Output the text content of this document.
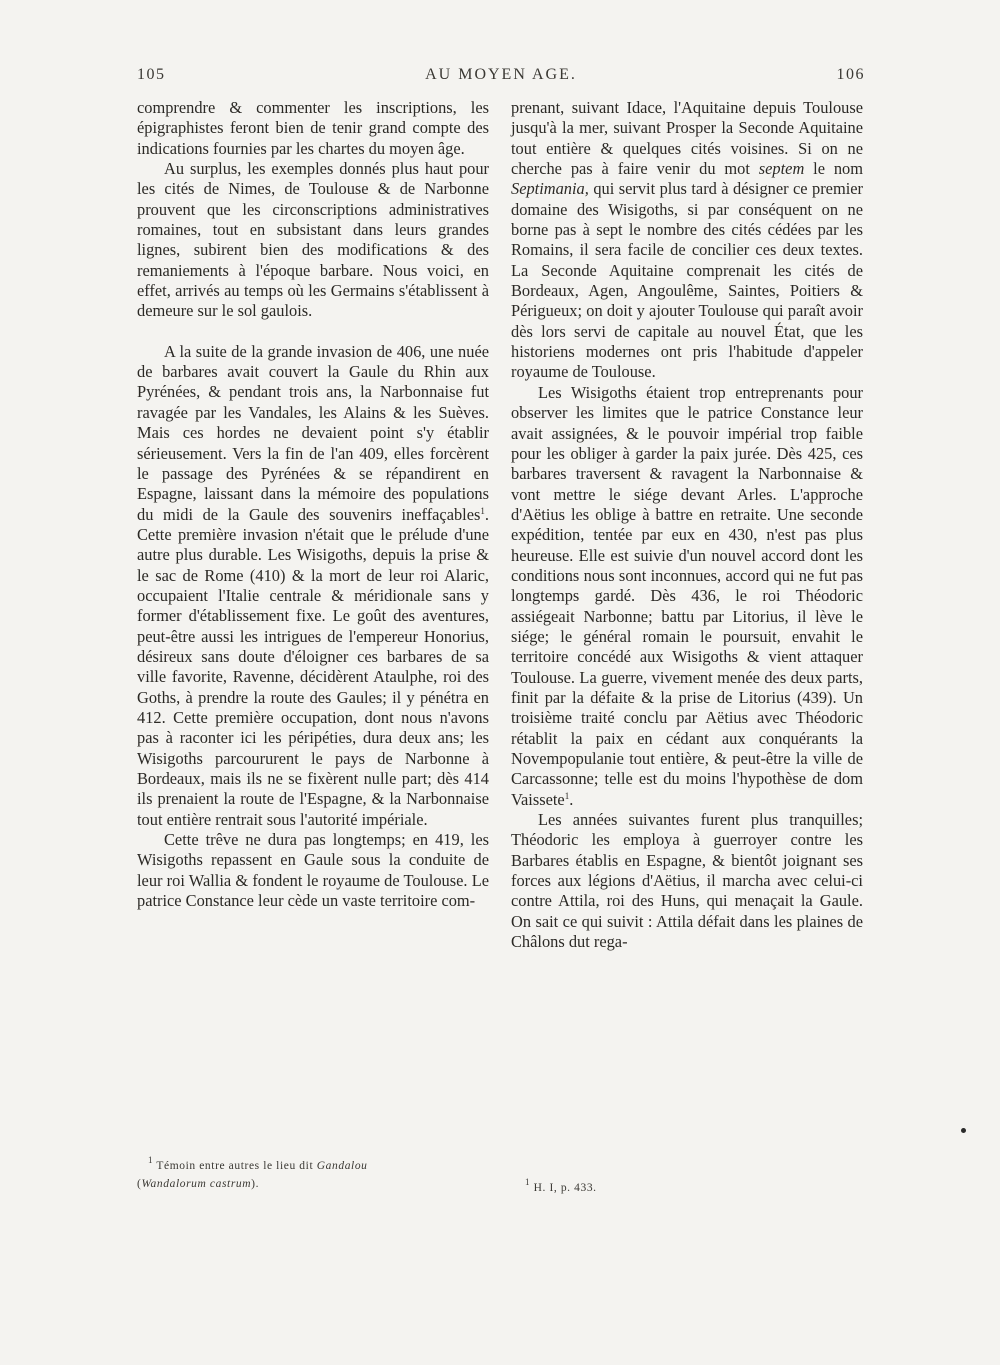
105	AU MOYEN AGE.	106

comprendre & commenter les inscriptions, les épigraphistes feront bien de tenir grand compte des indications fournies par les chartes du moyen âge.

Au surplus, les exemples donnés plus haut pour les cités de Nimes, de Toulouse & de Narbonne prouvent que les circonscriptions administratives romaines, tout en subsistant dans leurs grandes lignes, subirent bien des modifications & des remaniements à l'époque barbare. Nous voici, en effet, arrivés au temps où les Germains s'établissent à demeure sur le sol gaulois.

A la suite de la grande invasion de 406, une nuée de barbares avait couvert la Gaule du Rhin aux Pyrénées, & pendant trois ans, la Narbonnaise fut ravagée par les Vandales, les Alains & les Suèves. Mais ces hordes ne devaient point s'y établir sérieusement. Vers la fin de l'an 409, elles forcèrent le passage des Pyrénées & se répandirent en Espagne, laissant dans la mémoire des populations du midi de la Gaule des souvenirs ineffaçables$^1$. Cette première invasion n'était que le prélude d'une autre plus durable. Les Wisigoths, depuis la prise & le sac de Rome (410) & la mort de leur roi Alaric, occupaient l'Italie centrale & méridionale sans y former d'établissement fixe. Le goût des aventures, peut-être aussi les intrigues de l'empereur Honorius, désireux sans doute d'éloigner ces barbares de sa ville favorite, Ravenne, décidèrent Ataulphe, roi des Goths, à prendre la route des Gaules; il y pénétra en 412. Cette première occupation, dont nous n'avons pas à raconter ici les péripéties, dura deux ans; les Wisigoths parcoururent le pays de Narbonne à Bordeaux, mais ils ne se fixèrent nulle part; dès 414 ils prenaient la route de l'Espagne, & la Narbonnaise tout entière rentrait sous l'autorité impériale.

Cette trêve ne dura pas longtemps; en 419, les Wisigoths repassent en Gaule sous la conduite de leur roi Wallia & fondent le royaume de Toulouse. Le patrice Constance leur cède un vaste territoire com-

prenant, suivant Idace, l'Aquitaine depuis Toulouse jusqu'à la mer, suivant Prosper la Seconde Aquitaine tout entière & quelques cités voisines. Si on ne cherche pas à faire venir du mot septem le nom Septimania, qui servit plus tard à désigner ce premier domaine des Wisigoths, si par conséquent on ne borne pas à sept le nombre des cités cédées par les Romains, il sera facile de concilier ces deux textes. La Seconde Aquitaine comprenait les cités de Bordeaux, Agen, Angoulême, Saintes, Poitiers & Périgueux; on doit y ajouter Toulouse qui paraît avoir dès lors servi de capitale au nouvel État, que les historiens modernes ont pris l'habitude d'appeler royaume de Toulouse.

Les Wisigoths étaient trop entreprenants pour observer les limites que le patrice Constance leur avait assignées, & le pouvoir impérial trop faible pour les obliger à garder la paix jurée. Dès 425, ces barbares traversent & ravagent la Narbonnaise & vont mettre le siége devant Arles. L'approche d'Aëtius les oblige à battre en retraite. Une seconde expédition, tentée par eux en 430, n'est pas plus heureuse. Elle est suivie d'un nouvel accord dont les conditions nous sont inconnues, accord qui ne fut pas longtemps gardé. Dès 436, le roi Théodoric assiégeait Narbonne; battu par Litorius, il lève le siége; le général romain le poursuit, envahit le territoire concédé aux Wisigoths & vient attaquer Toulouse. La guerre, vivement menée des deux parts, finit par la défaite & la prise de Litorius (439). Un troisième traité conclu par Aëtius avec Théodoric rétablit la paix en cédant aux conquérants la Novempopulanie tout entière, & peut-être la ville de Carcassonne; telle est du moins l'hypothèse de dom Vaissete$^1$.

Les années suivantes furent plus tranquilles; Théodoric les employa à guerroyer contre les Barbares établis en Espagne, & bientôt joignant ses forces aux légions d'Aëtius, il marcha avec celui-ci contre Attila, roi des Huns, qui menaçait la Gaule. On sait ce qui suivit : Attila défait dans les plaines de Châlons dut rega-

$^1$ Témoin entre autres le lieu dit Gandalou
(Wandalorum castrum).	$^1$ H. I, p. 433.
